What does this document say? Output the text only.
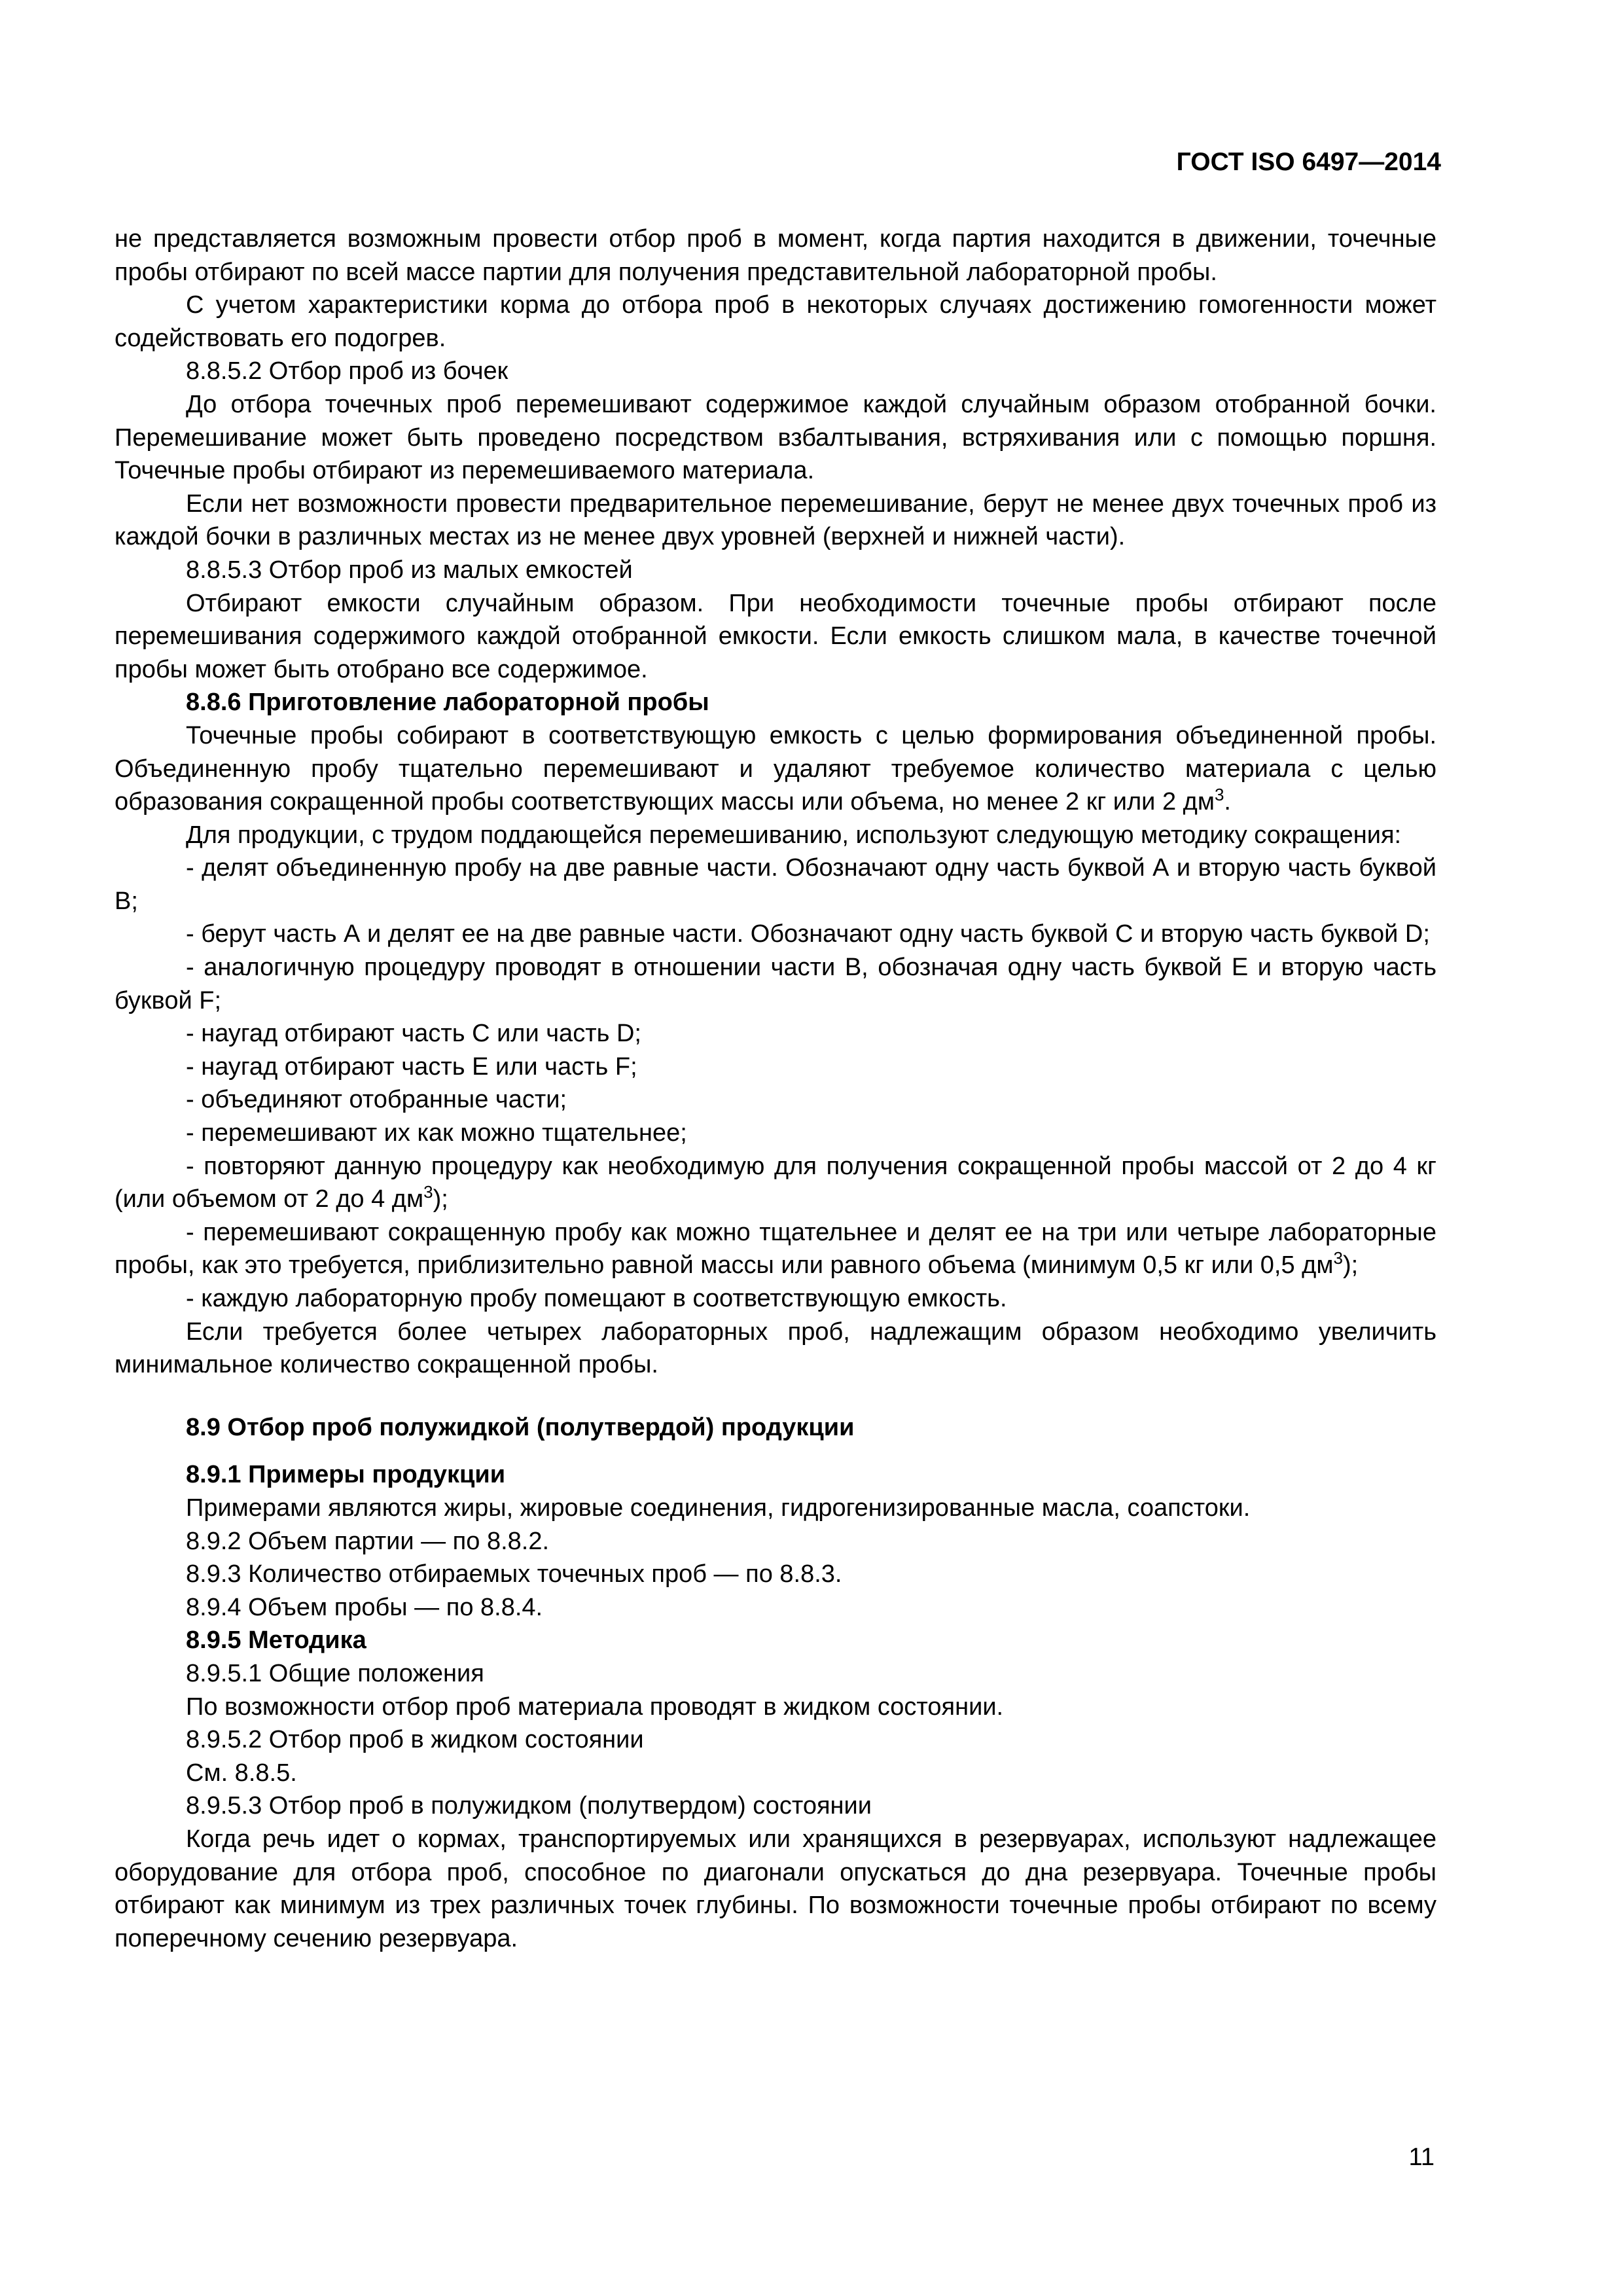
ГОСТ ISO 6497—2014

не представляется возможным провести отбор проб в момент, когда партия находится в движении, точечные пробы отбирают по всей массе партии для получения представительной лабораторной пробы.

С учетом характеристики корма до отбора проб в некоторых случаях достижению гомогенности может содействовать его подогрев.

8.8.5.2 Отбор проб из бочек

До отбора точечных проб перемешивают содержимое каждой случайным образом отобранной бочки. Перемешивание может быть проведено посредством взбалтывания, встряхивания или с помощью поршня. Точечные пробы отбирают из перемешиваемого материала.

Если нет возможности провести предварительное перемешивание, берут не менее двух точечных проб из каждой бочки в различных местах из не менее двух уровней (верхней и нижней части).

8.8.5.3 Отбор проб из малых емкостей

Отбирают емкости случайным образом. При необходимости точечные пробы отбирают после перемешивания содержимого каждой отобранной емкости. Если емкость слишком мала, в качестве точечной пробы может быть отобрано все содержимое.

8.8.6 Приготовление лабораторной пробы

Точечные пробы собирают в соответствующую емкость с целью формирования объединенной пробы. Объединенную пробу тщательно перемешивают и удаляют требуемое количество материала с целью образования сокращенной пробы соответствующих массы или объема, но менее 2 кг или 2 $дм^3$.

Для продукции, с трудом поддающейся перемешиванию, используют следующую методику сокращения:

- делят объединенную пробу на две равные части. Обозначают одну часть буквой А и вторую часть буквой B;

- берут часть А и делят ее на две равные части. Обозначают одну часть буквой С и вторую часть буквой D;

- аналогичную процедуру проводят в отношении части В, обозначая одну часть буквой Е и вторую часть буквой F;

- наугад отбирают часть С или часть D;

- наугад отбирают часть Е или часть F;

- объединяют отобранные части;

- перемешивают их как можно тщательнее;

- повторяют данную процедуру как необходимую для получения сокращенной пробы массой от 2 до 4 кг (или объемом от 2 до 4 $дм^3$);

- перемешивают сокращенную пробу как можно тщательнее и делят ее на три или четыре лабораторные пробы, как это требуется, приблизительно равной массы или равного объема (минимум 0,5 кг или 0,5 $дм^3$);

- каждую лабораторную пробу помещают в соответствующую емкость.

Если требуется более четырех лабораторных проб, надлежащим образом необходимо увеличить минимальное количество сокращенной пробы.

8.9 Отбор проб полужидкой (полутвердой) продукции

8.9.1 Примеры продукции

Примерами являются жиры, жировые соединения, гидрогенизированные масла, соапстоки.

8.9.2 Объем партии — по 8.8.2.

8.9.3 Количество отбираемых точечных проб — по 8.8.3.

8.9.4 Объем пробы — по 8.8.4.

8.9.5 Методика

8.9.5.1 Общие положения

По возможности отбор проб материала проводят в жидком состоянии.

8.9.5.2 Отбор проб в жидком состоянии

См. 8.8.5.

8.9.5.3 Отбор проб в полужидком (полутвердом) состоянии

Когда речь идет о кормах, транспортируемых или хранящихся в резервуарах, используют надлежащее оборудование для отбора проб, способное по диагонали опускаться до дна резервуара. Точечные пробы отбирают как минимум из трех различных точек глубины. По возможности точечные пробы отбирают по всему поперечному сечению резервуара.

11
